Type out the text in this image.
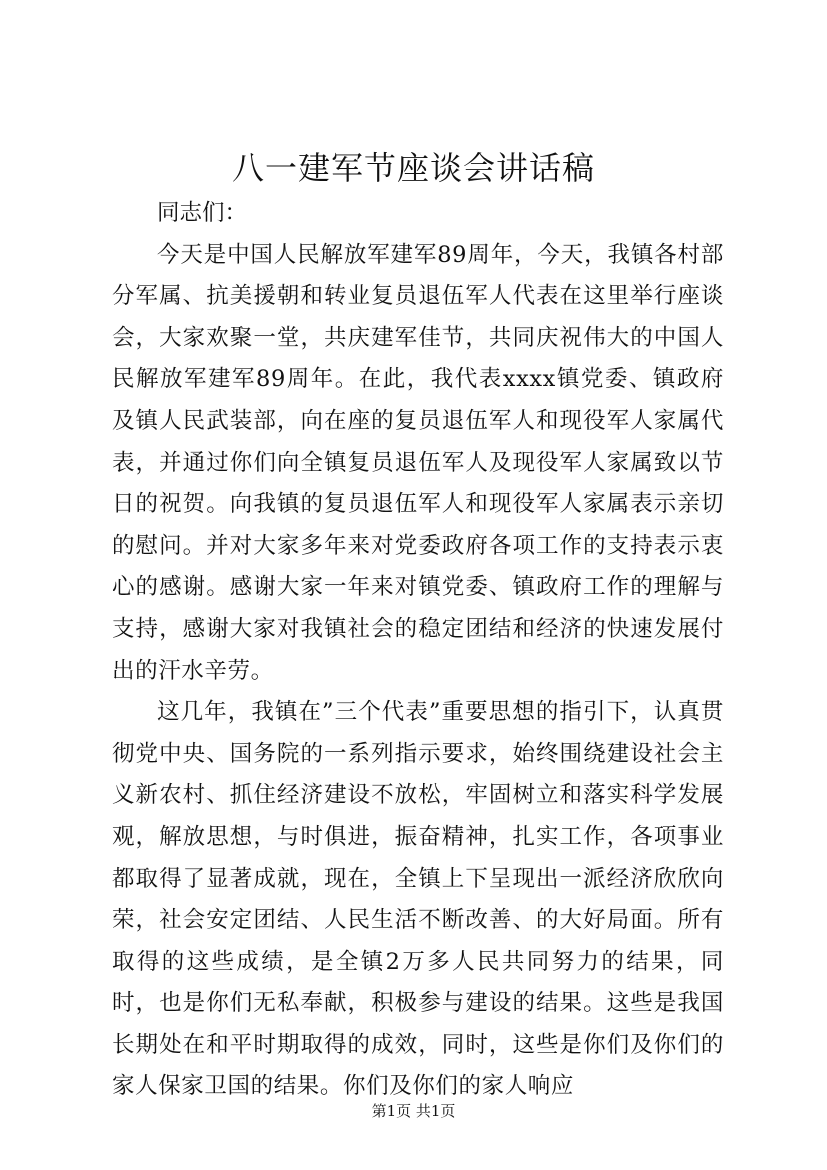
八一建军节座谈会讲话稿

同志们：

今天是中国人民解放军建军89周年，今天，我镇各村部分军属、抗美援朝和转业复员退伍军人代表在这里举行座谈会，大家欢聚一堂，共庆建军佳节，共同庆祝伟大的中国人民解放军建军89周年。在此，我代表xxxx镇党委、镇政府及镇人民武装部，向在座的复员退伍军人和现役军人家属代表，并通过你们向全镇复员退伍军人及现役军人家属致以节日的祝贺。向我镇的复员退伍军人和现役军人家属表示亲切的慰问。并对大家多年来对党委政府各项工作的支持表示衷心的感谢。感谢大家一年来对镇党委、镇政府工作的理解与支持，感谢大家对我镇社会的稳定团结和经济的快速发展付出的汗水辛劳。

这几年，我镇在”三个代表”重要思想的指引下，认真贯彻党中央、国务院的一系列指示要求，始终围绕建设社会主义新农村、抓住经济建设不放松，牢固树立和落实科学发展观，解放思想，与时俱进，振奋精神，扎实工作，各项事业都取得了显著成就，现在，全镇上下呈现出一派经济欣欣向荣，社会安定团结、人民生活不断改善、的大好局面。所有取得的这些成绩，是全镇2万多人民共同努力的结果，同时，也是你们无私奉献，积极参与建设的结果。这些是我国长期处在和平时期取得的成效，同时，这些是你们及你们的家人保家卫国的结果。你们及你们的家人响应

第1页 共1页
